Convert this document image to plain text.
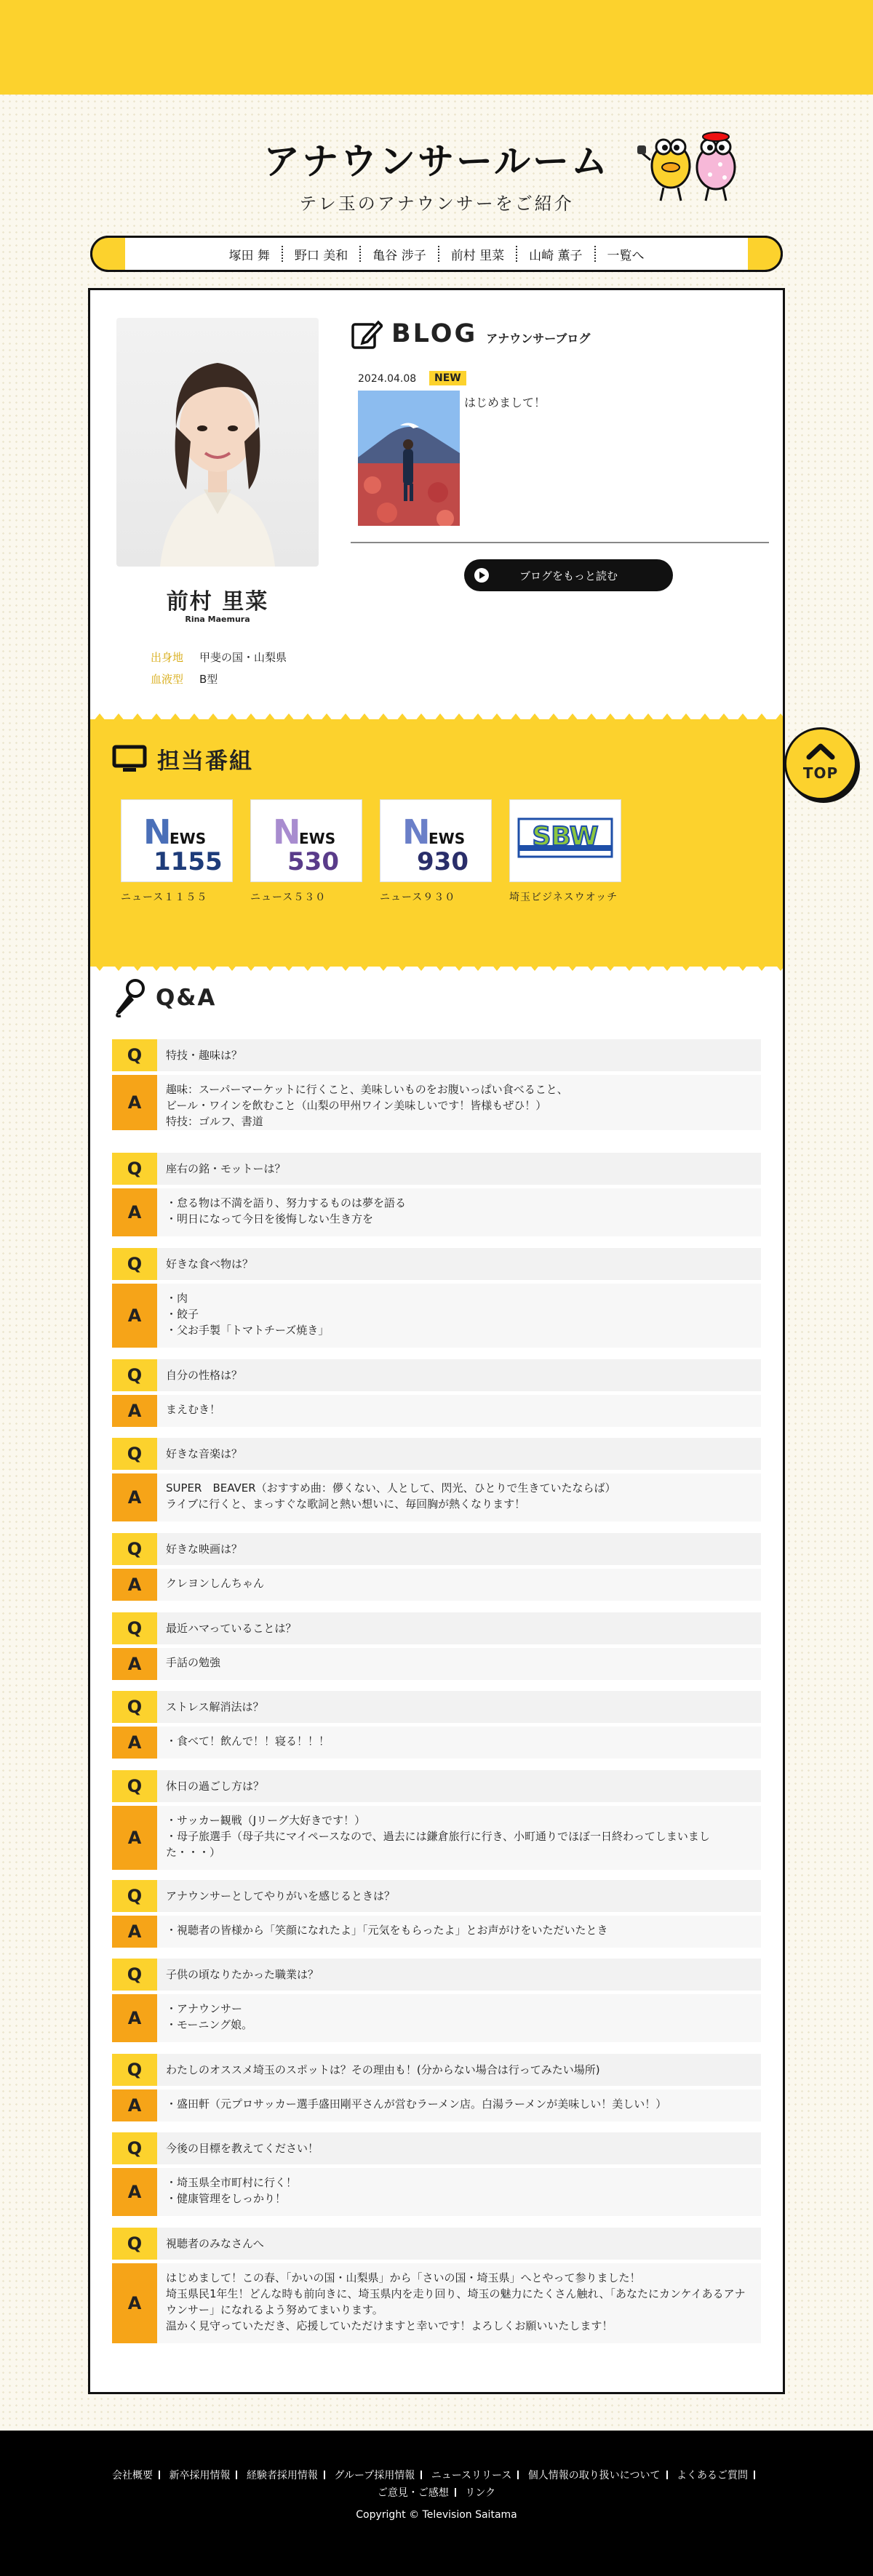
アナウンサールーム
テレ玉のアナウンサーをご紹介
塚田 舞	野口 美和	亀谷 涉子	前村 里菜	山崎 薫子	一覧へ
前村 里菜
Rina Maemura
出身地	甲斐の国・山梨県
血液型	B型
BLOG アナウンサーブログ
2024.04.08	NEW
はじめまして！
ブログをもっと読む
担当番組
N
EWS
1155
ニュース１１５５
N
EWS
530
ニュース５３０
N
EWS
930
ニュース９３０
SBW
埼玉ビジネスウオッチ
Q&A
Q	特技・趣味は？
A
趣味：スーパーマーケットに行くこと、美味しいものをお腹いっぱい食べること、
ビール・ワインを飲むこと（山梨の甲州ワイン美味しいです！皆様もぜひ！）
特技：ゴルフ、書道
Q	座右の銘・モットーは？
A	・怠る物は不満を語り、努力するものは夢を語る
・明日になって今日を後悔しない生き方を
Q	好きな食べ物は？
A
・肉
・餃子
・父お手製「トマトチーズ焼き」
Q	自分の性格は？
A	まえむき！
Q	好きな音楽は？
A	SUPER　BEAVER（おすすめ曲：儚くない、人として、閃光、ひとりで生きていたならば）
ライブに行くと、まっすぐな歌詞と熱い想いに、毎回胸が熱くなります！
Q	好きな映画は？
A	クレヨンしんちゃん
Q	最近ハマっていることは？
A	手話の勉強
Q	ストレス解消法は？
A	・食べて！飲んで！！寝る！！！
Q	休日の過ごし方は？
A
・サッカー観戦（Jリーグ大好きです！）
・母子旅選手（母子共にマイペースなので、過去には鎌倉旅行に行き、小町通りでほぼ一日終わってしまいました・・・）
Q	アナウンサーとしてやりがいを感じるときは？
A	・視聴者の皆様から「笑顔になれたよ」「元気をもらったよ」とお声がけをいただいたとき
Q	子供の頃なりたかった職業は？
A	・アナウンサー
・モーニング娘。
Q	わたしのオススメ埼玉のスポットは？その理由も！(分からない場合は行ってみたい場所)
A	・盛田軒（元プロサッカー選手盛田剛平さんが営むラーメン店。白湯ラーメンが美味しい！美しい！）
Q	今後の目標を教えてください！
A	・埼玉県全市町村に行く！
・健康管理をしっかり！
Q	視聴者のみなさんへ
A
はじめまして！この春、「かいの国・山梨県」から「さいの国・埼玉県」へとやって参りました！
埼玉県民1年生！どんな時も前向きに、埼玉県内を走り回り、埼玉の魅力にたくさん触れ、「あなたにカンケイあるアナウンサー」になれるよう努めてまいります。
温かく見守っていただき、応援していただけますと幸いです！よろしくお願いいたします！
TOP
会社概要 新卒採用情報 経験者採用情報 グループ採用情報 ニュースリリース 個人情報の取り扱いについて よくあるご質問
ご意見・ご感想 リンク
Copyright © Television Saitama
